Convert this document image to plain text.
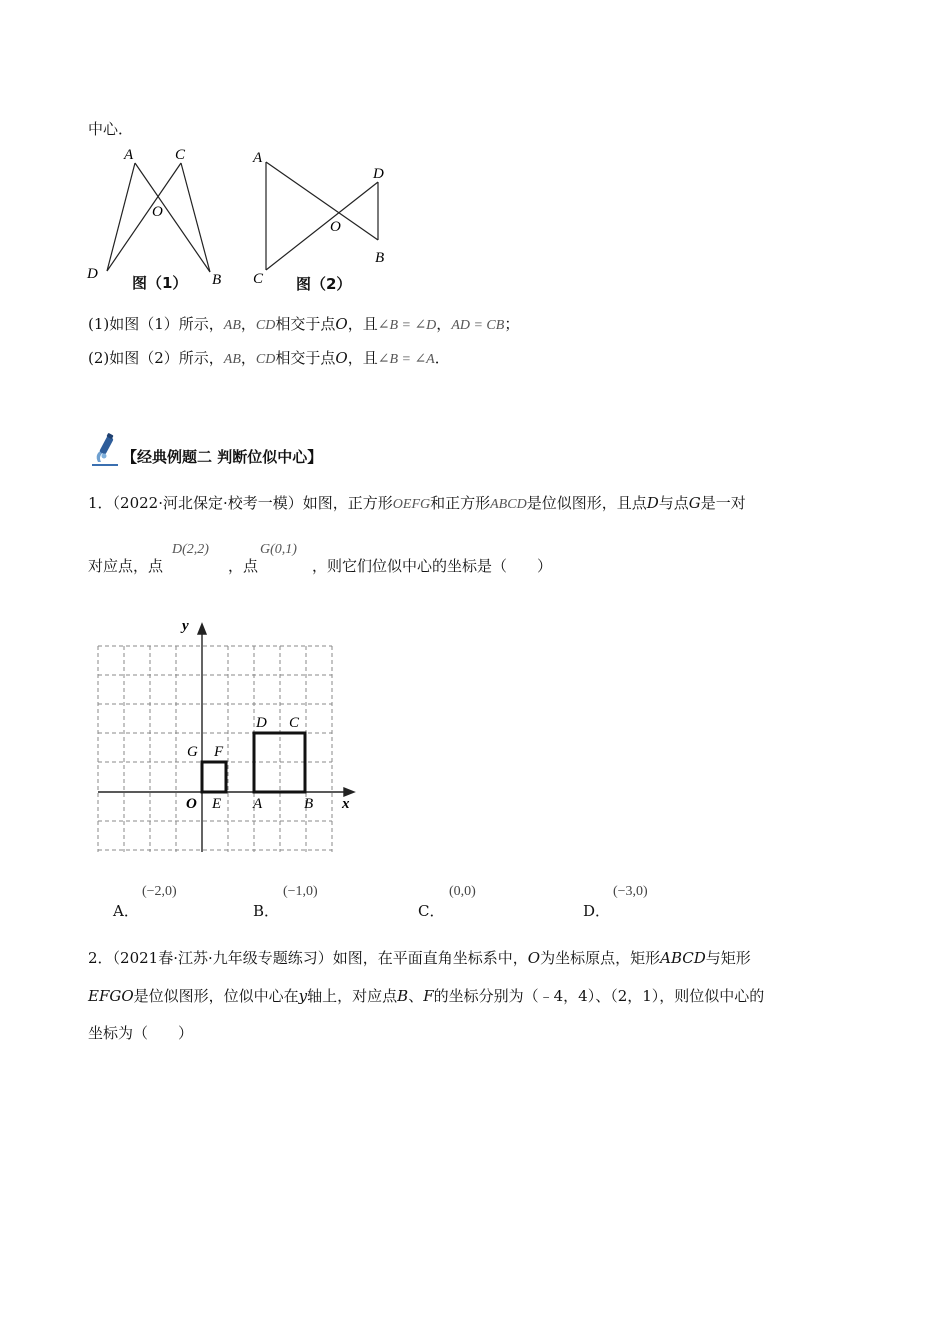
中心．
A	C
O
D	B
图（1）
A
D
O
C
B
图（2）
(1)如图（1）所示，AB，CD相交于点O，且∠B = ∠D，AD = CB；
(2)如图（2）所示，AB，CD相交于点O，且∠B = ∠A．
【经典例题二 判断位似中心】
1．（2022·河北保定·校考一模）如图，正方形OEFG和正方形ABCD是位似图形，且点D与点G是一对
对应点，点
D(2,2)
，点
G(0,1)
，则它们位似中心的坐标是（　　）
y
x
O E A	B
G F
D C
A．
(−2,0)
B．
(−1,0)
C．
(0,0)
D．
(−3,0)
2．（2021春·江苏·九年级专题练习）如图，在平面直角坐标系中，O为坐标原点，矩形ABCD与矩形
EFGO是位似图形，位似中心在y轴上，对应点B、F的坐标分别为（﹣4，4）、（2，1），则位似中心的
坐标为（　　）
